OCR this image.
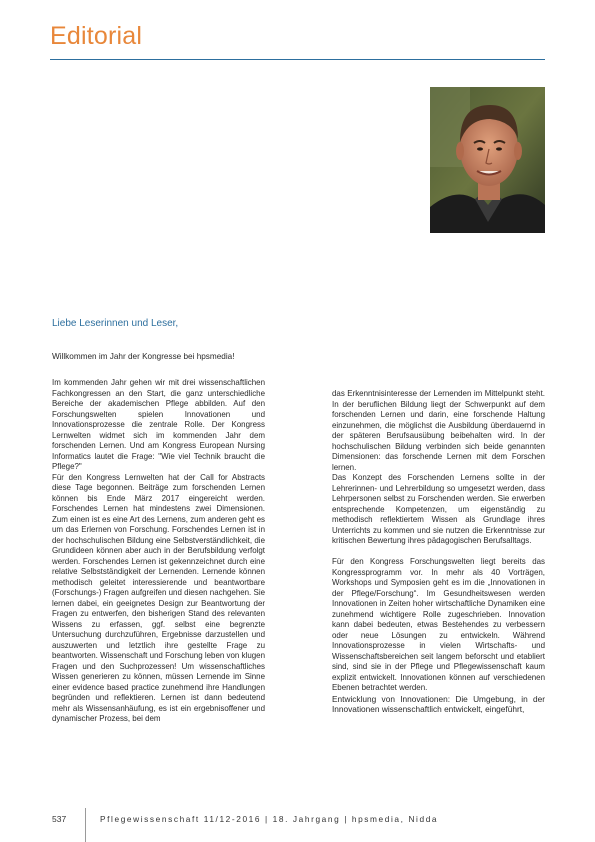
Editorial
Liebe Leserinnen und Leser,
Willkommen im Jahr der Kongresse bei hpsmedia!

Im kommenden Jahr gehen wir mit drei wissenschaftlichen Fachkongressen an den Start, die ganz unterschiedliche Bereiche der akademischen Pflege abbilden. Auf den Forschungswelten spielen Innovationen und Innovationsprozesse die zentrale Rolle. Der Kongress Lernwelten widmet sich im kommenden Jahr dem forschenden Lernen. Und am Kongress European Nursing Informatics lautet die Frage: "Wie viel Technik braucht die Pflege?"

Für den Kongress Lernwelten hat der Call for Abstracts diese Tage begonnen. Beiträge zum forschenden Lernen können bis Ende März 2017 eingereicht werden. Forschendes Lernen hat mindestens zwei Dimensionen. Zum einen ist es eine Art des Lernens, zum anderen geht es um das Erlernen von Forschung. Forschendes Lernen ist in der hochschulischen Bildung eine Selbstverständlichkeit, die Grundideen können aber auch in der Berufsbildung verfolgt werden. Forschendes Lernen ist gekennzeichnet durch eine relative Selbstständigkeit der Lernenden. Lernende können methodisch geleitet interessierende und beantwortbare (Forschungs-) Fragen aufgreifen und diesen nachgehen. Sie lernen dabei, ein geeignetes Design zur Beantwortung der Fragen zu entwerfen, den bisherigen Stand des relevanten Wissens zu erfassen, ggf. selbst eine begrenzte Untersuchung durchzuführen, Ergebnisse darzustellen und auszuwerten und letztlich ihre gestellte Frage zu beantworten. Wissenschaft und Forschung leben von klugen Fragen und den Suchprozessen! Um wissenschaftliches Wissen generieren zu können, müssen Lernende im Sinne einer evidence based practice zunehmend ihre Handlungen begründen und reflektieren. Lernen ist dann bedeutend mehr als Wissensanhäufung, es ist ein ergebnisoffener und dynamischer Prozess, bei dem

das Erkenntnisinteresse der Lernenden im Mittelpunkt steht. In der beruflichen Bildung liegt der Schwerpunkt auf dem forschenden Lernen und darin, eine forschende Haltung einzunehmen, die möglichst die Ausbildung überdauernd in der späteren Berufsausübung beibehalten wird. In der hochschulischen Bildung verbinden sich beide genannten Dimensionen: das forschende Lernen mit dem Forschen lernen.

Das Konzept des Forschenden Lernens sollte in der Lehrerinnen- und Lehrerbildung so umgesetzt werden, dass Lehrpersonen selbst zu Forschenden werden. Sie erwerben entsprechende Kompetenzen, um eigenständig zu methodisch reflektiertem Wissen als Grundlage ihres Unterrichts zu kommen und sie nutzen die Erkenntnisse zur kritischen Bewertung ihres pädagogischen Berufsalltags.

Für den Kongress Forschungswelten liegt bereits das Kongressprogramm vor. In mehr als 40 Vorträgen, Workshops und Symposien geht es im die „Innovationen in der Pflege/Forschung“. Im Gesundheitswesen werden Innovationen in Zeiten hoher wirtschaftliche Dynamiken eine zunehmend wichtigere Rolle zugeschrieben. Innovation kann dabei bedeuten, etwas Bestehendes zu verbessern oder neue Lösungen zu entwickeln. Während Innovationsprozesse in vielen Wirtschafts- und Wissenschaftsbereichen seit langem beforscht und etabliert sind, sind sie in der Pflege und Pflegewissenschaft kaum explizit entwickelt. Innovationen können auf verschiedenen Ebenen betrachtet werden.

Entwicklung von Innovationen: Die Umgebung, in der Innovationen wissenschaftlich entwickelt, eingeführt,

537	Pflegewissenschaft 11/12-2016 | 18. Jahrgang | hpsmedia, Nidda
